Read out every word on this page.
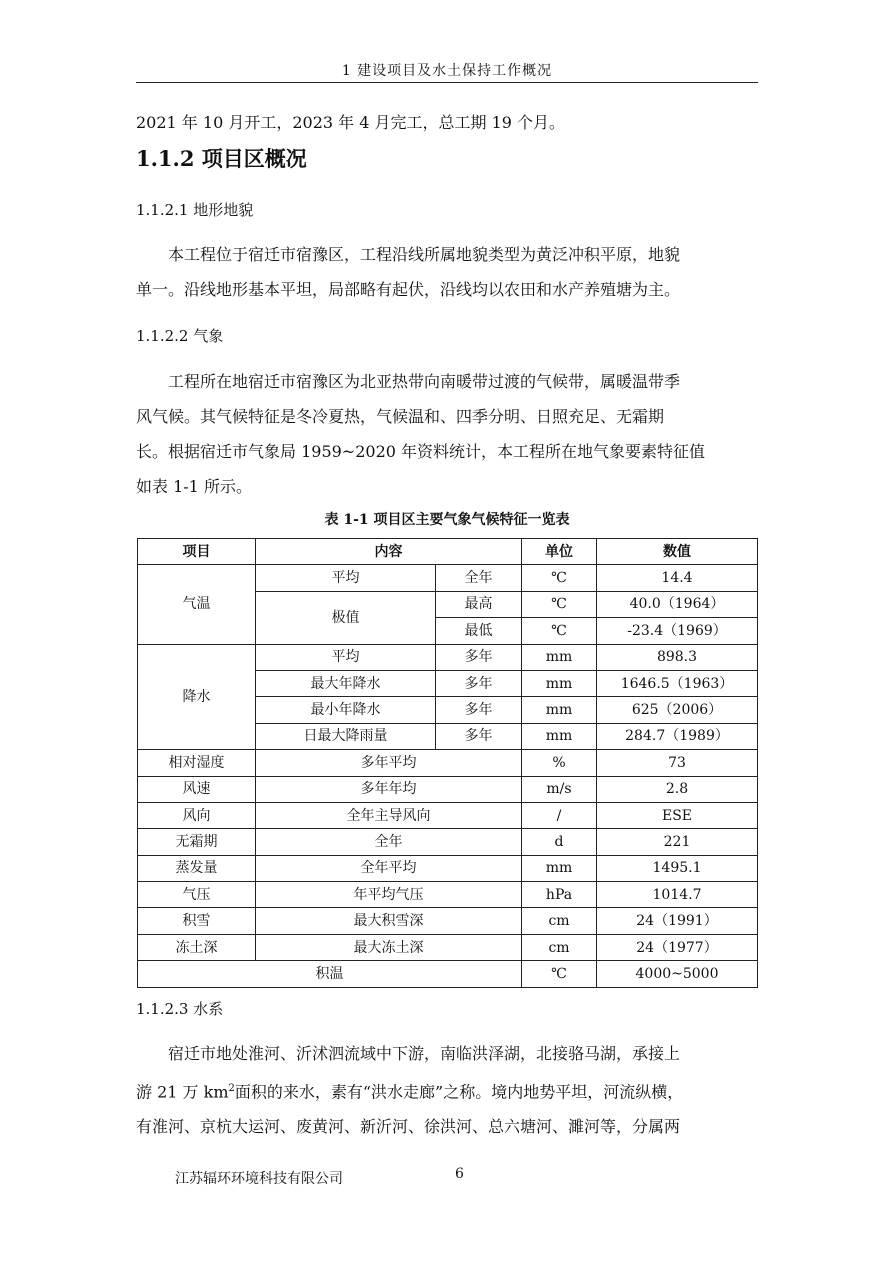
1 建设项目及水土保持工作概况
2021 年 10 月开工，2023 年 4 月完工，总工期 19 个月。
1.1.2 项目区概况
1.1.2.1 地形地貌
本工程位于宿迁市宿豫区，工程沿线所属地貌类型为黄泛冲积平原，地貌
单一。沿线地形基本平坦，局部略有起伏，沿线均以农田和水产养殖塘为主。
1.1.2.2 气象
工程所在地宿迁市宿豫区为北亚热带向南暖带过渡的气候带，属暖温带季
风气候。其气候特征是冬冷夏热，气候温和、四季分明、日照充足、无霜期
长。根据宿迁市气象局 1959~2020 年资料统计，本工程所在地气象要素特征值
如表 1-1 所示。
表 1-1 项目区主要气象气候特征一览表
项目	内容		单位	数值
气温	平均	全年	℃	14.4
	极值	最高	℃	40.0（1964）
		最低	℃	-23.4（1969）
降水	平均	多年	mm	898.3
	最大年降水	多年	mm	1646.5（1963）
	最小年降水	多年	mm	625（2006）
	日最大降雨量	多年	mm	284.7（1989）
相对湿度	多年平均		%	73
风速	多年年均		m/s	2.8
风向	全年主导风向		/	ESE
无霜期	全年		d	221
蒸发量	全年平均		mm	1495.1
气压	年平均气压		hPa	1014.7
积雪	最大积雪深		cm	24（1991）
冻土深	最大冻土深		cm	24（1977）
积温			℃	4000~5000
1.1.2.3 水系
宿迁市地处淮河、沂沭泗流域中下游，南临洪泽湖，北接骆马湖，承接上
游 21 万 $km^2$面积的来水，素有“洪水走廊”之称。境内地势平坦，河流纵横，
有淮河、京杭大运河、废黄河、新沂河、徐洪河、总六塘河、濉河等，分属两
江苏辐环环境科技有限公司	6
